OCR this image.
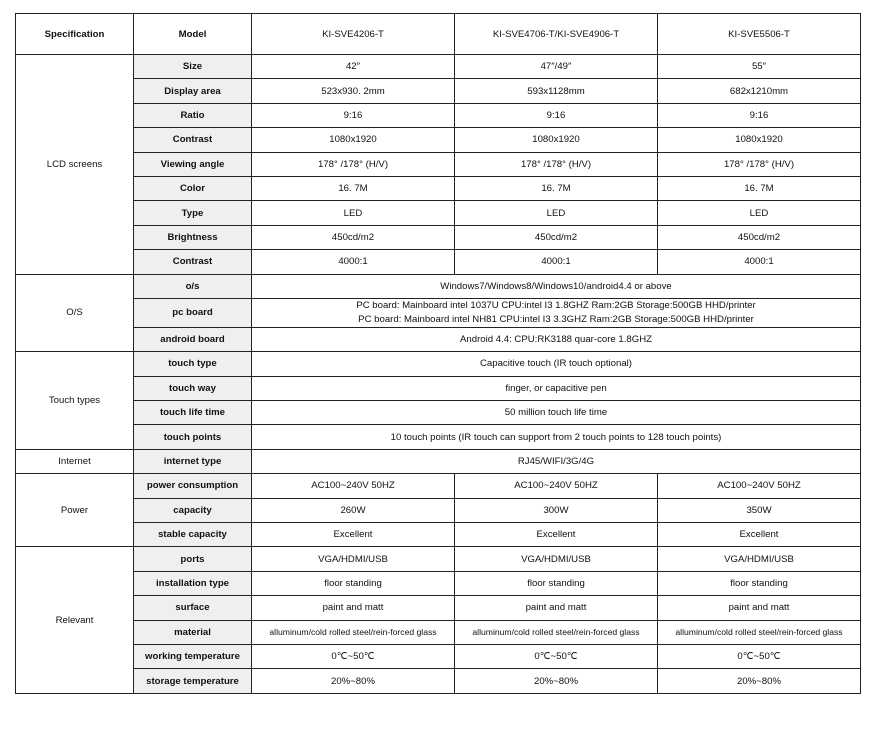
Specification	Model	KI-SVE4206-T	KI-SVE4706-T/KI-SVE4906-T	KI-SVE5506-T
LCD screens	Size	42″	47″/49″	55″
	Display area	523x930. 2mm	593x1128mm	682x1210mm
	Ratio	9:16	9:16	9:16
	Contrast	1080x1920	1080x1920	1080x1920
	Viewing angle	178° /178° (H/V)	178° /178° (H/V)	178° /178° (H/V)
	Color	16. 7M	16. 7M	16. 7M
	Type	LED	LED	LED
	Brightness	450cd/m2	450cd/m2	450cd/m2
	Contrast	4000:1	4000:1	4000:1
O/S	o/s	Windows7/Windows8/Windows10/android4.4 or above		
	pc board	PC board: Mainboard intel 1037U CPU:intel I3 1.8GHZ Ram:2GB Storage:500GB HHD/printer
PC board: Mainboard intel NH81 CPU:intel I3 3.3GHZ Ram:2GB Storage:500GB HHD/printer		

	android board	Android 4.4: CPU:RK3188 quar-core 1.8GHZ		
Touch types	touch type	Capacitive touch (IR touch optional)		
	touch way	finger, or capacitive pen		
	touch life time	50 million touch life time		
	touch points	10 touch points (IR touch can support from 2 touch points to 128 touch points)		
Internet	internet type	RJ45/WIFI/3G/4G		
Power	power consumption	AC100~240V 50HZ	AC100~240V 50HZ	AC100~240V 50HZ
	capacity	260W	300W	350W
	stable capacity	Excellent	Excellent	Excellent
Relevant	ports	VGA/HDMI/USB	VGA/HDMI/USB	VGA/HDMI/USB
	installation type	floor standing	floor standing	floor standing
	surface	paint and matt	paint and matt	paint and matt
	material	alluminum/cold rolled steel/rein-forced glass	alluminum/cold rolled steel/rein-forced glass	alluminum/cold rolled steel/rein-forced glass
	working temperature	0℃~50℃	0℃~50℃	0℃~50℃
	storage temperature	20%~80%	20%~80%	20%~80%
